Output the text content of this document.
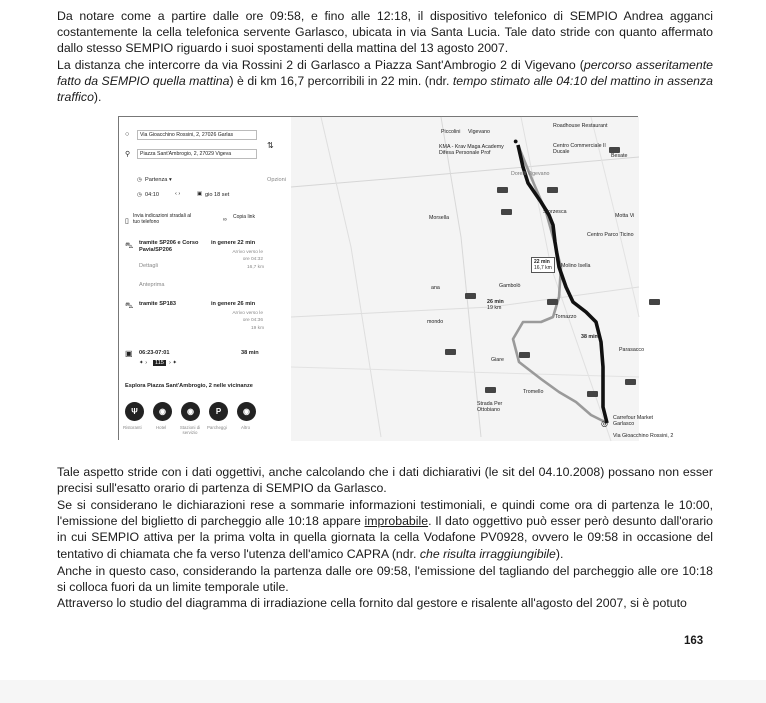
Da notare come a partire dalle ore 09:58, e fino alle 12:18, il dispositivo telefonico di SEMPIO Andrea agganci costantemente la cella telefonica servente Garlasco, ubicata in via Santa Lucia. Tale dato stride con quanto affermato dallo stesso SEMPIO riguardo i suoi spostamenti della mattina del 13 agosto 2007.

La distanza che intercorre da via Rossini 2 di Garlasco a Piazza Sant'Ambrogio 2 di Vigevano (percorso asseritamente fatto da SEMPIO quella mattina) è di km 16,7 percorribili in 22 min. (ndr. tempo stimato alle 04:10 del mattino in assenza traffico).

○	Via Gioacchino Rossini, 2, 27026 Garlas
⇅
⚲	Piazza Sant'Ambrogio, 2, 27029 Vigeva
◷ Partenza ▾	Opzioni
◷ 04:10	‹ ›	▣ gio 18 set
▯
Invia indicazioni stradali al tuo telefono	∞ Copia link
⛍ tramite SP206 e Corso Pavia/SP206
in genere 22 min
Arrivo verso le ore 04:32
16,7 km
Dettagli
Anteprima
⛍ tramite SP183	in genere 26 min
Arrivo verso le ore 04:36
19 km
▣ 06:23-07:01	38 min
✦ ›	115 › ✦
Esplora Piazza Sant'Ambrogio, 2 nelle vicinanze
Ψ	◉	◉	P	◉
Ristoranti	Hotel	Stazioni di servizio
Parcheggi	Altro
●
◎
Piccolini Vigevano
Roadhouse Restaurant
KMA - Krav Maga Academy Difesa Personale Prof
Centro Commerciale Il Ducale
Besate
Dorelli Vigevano
Morsella
Sforzesca
Motta Vi
Centro Parco Ticino
Molino Isella
Gambolò
ana
mondo
22 min
16,7 km
26 min
19 km
Tornazzo
38 min
Giare
Parasacco
Tromello
Strada Per Ottobiano
Carrefour Market Garlasco
Via Gioacchino Rossini, 2

Tale aspetto stride con i dati oggettivi, anche calcolando che i dati dichiarativi (le sit del 04.10.2008) possano non esser precisi sull'esatto orario di partenza di SEMPIO da Garlasco.

Se si considerano le dichiarazioni rese a sommarie informazioni testimoniali, e quindi come ora di partenza le 10:00, l'emissione del biglietto di parcheggio alle 10:18 appare improbabile. Il dato oggettivo può esser però desunto dall'orario in cui SEMPIO attiva per la prima volta in quella giornata la cella Vodafone PV0928, ovvero le 09:58 in occasione del tentativo di chiamata che fa verso l'utenza dell'amico CAPRA (ndr. che risulta irraggiungibile).

Anche in questo caso, considerando la partenza dalle ore 09:58, l'emissione del tagliando del parcheggio alle ore 10:18 si colloca fuori da un limite temporale utile.

Attraverso lo studio del diagramma di irradiazione cella fornito dal gestore e risalente all'agosto del 2007, si è potuto

163
